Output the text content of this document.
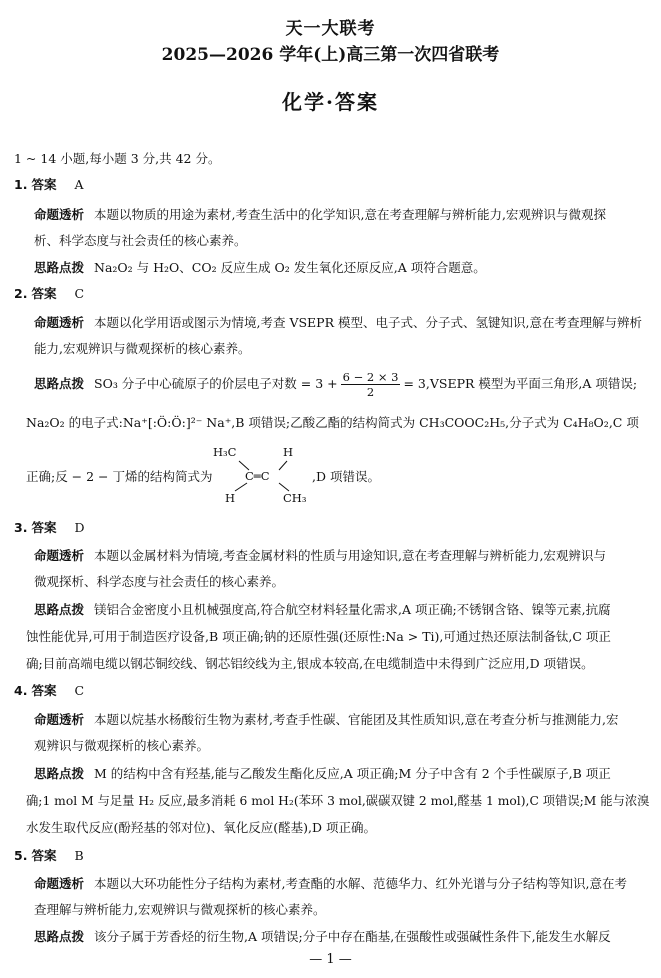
天一大联考
2025—2026 学年(上)高三第一次四省联考
化学·答案
1 ~ 14 小题,每小题 3 分,共 42 分。
1. 答案 A
命题透析 本题以物质的用途为素材,考查生活中的化学知识,意在考查理解与辨析能力,宏观辨识与微观探
析、科学态度与社会责任的核心素养。
思路点拨 Na₂O₂ 与 H₂O、CO₂ 反应生成 O₂ 发生氧化还原反应,A 项符合题意。
2. 答案 C
命题透析 本题以化学用语或图示为情境,考查 VSEPR 模型、电子式、分子式、氢键知识,意在考查理解与辨析
能力,宏观辨识与微观探析的核心素养。
思路点拨 SO₃ 分子中心硫原子的价层电子对数 = $3 + \frac{6 - 2 \times 3}{2}$ = 3,VSEPR 模型为平面三角形,A 项错误;
Na₂O₂ 的电子式:Na⁺[:Ö:Ö:]²⁻ Na⁺,B 项错误;乙酸乙酯的结构简式为 CH₃COOC₂H₅,分子式为 C₄H₈O₂,C 项
正确;反 − 2 − 丁烯的结构简式为
H₃C	H
C═C
H	CH₃
,D 项错误。
3. 答案 D
命题透析 本题以金属材料为情境,考查金属材料的性质与用途知识,意在考查理解与辨析能力,宏观辨识与
微观探析、科学态度与社会责任的核心素养。
思路点拨 镁铝合金密度小且机械强度高,符合航空材料轻量化需求,A 项正确;不锈钢含铬、镍等元素,抗腐
蚀性能优异,可用于制造医疗设备,B 项正确;钠的还原性强(还原性:Na > Ti),可通过热还原法制备钛,C 项正
确;目前高端电缆以钢芯铜绞线、钢芯铝绞线为主,银成本较高,在电缆制造中未得到广泛应用,D 项错误。
4. 答案 C
命题透析 本题以烷基水杨酸衍生物为素材,考查手性碳、官能团及其性质知识,意在考查分析与推测能力,宏
观辨识与微观探析的核心素养。
思路点拨 M 的结构中含有羟基,能与乙酸发生酯化反应,A 项正确;M 分子中含有 2 个手性碳原子,B 项正
确;1 mol M 与足量 H₂ 反应,最多消耗 6 mol H₂(苯环 3 mol,碳碳双键 2 mol,醛基 1 mol),C 项错误;M 能与浓溴
水发生取代反应(酚羟基的邻对位)、氧化反应(醛基),D 项正确。
5. 答案 B
命题透析 本题以大环功能性分子结构为素材,考查酯的水解、范德华力、红外光谱与分子结构等知识,意在考
查理解与辨析能力,宏观辨识与微观探析的核心素养。
思路点拨 该分子属于芳香烃的衍生物,A 项错误;分子中存在酯基,在强酸性或强碱性条件下,能发生水解反
— 1 —
